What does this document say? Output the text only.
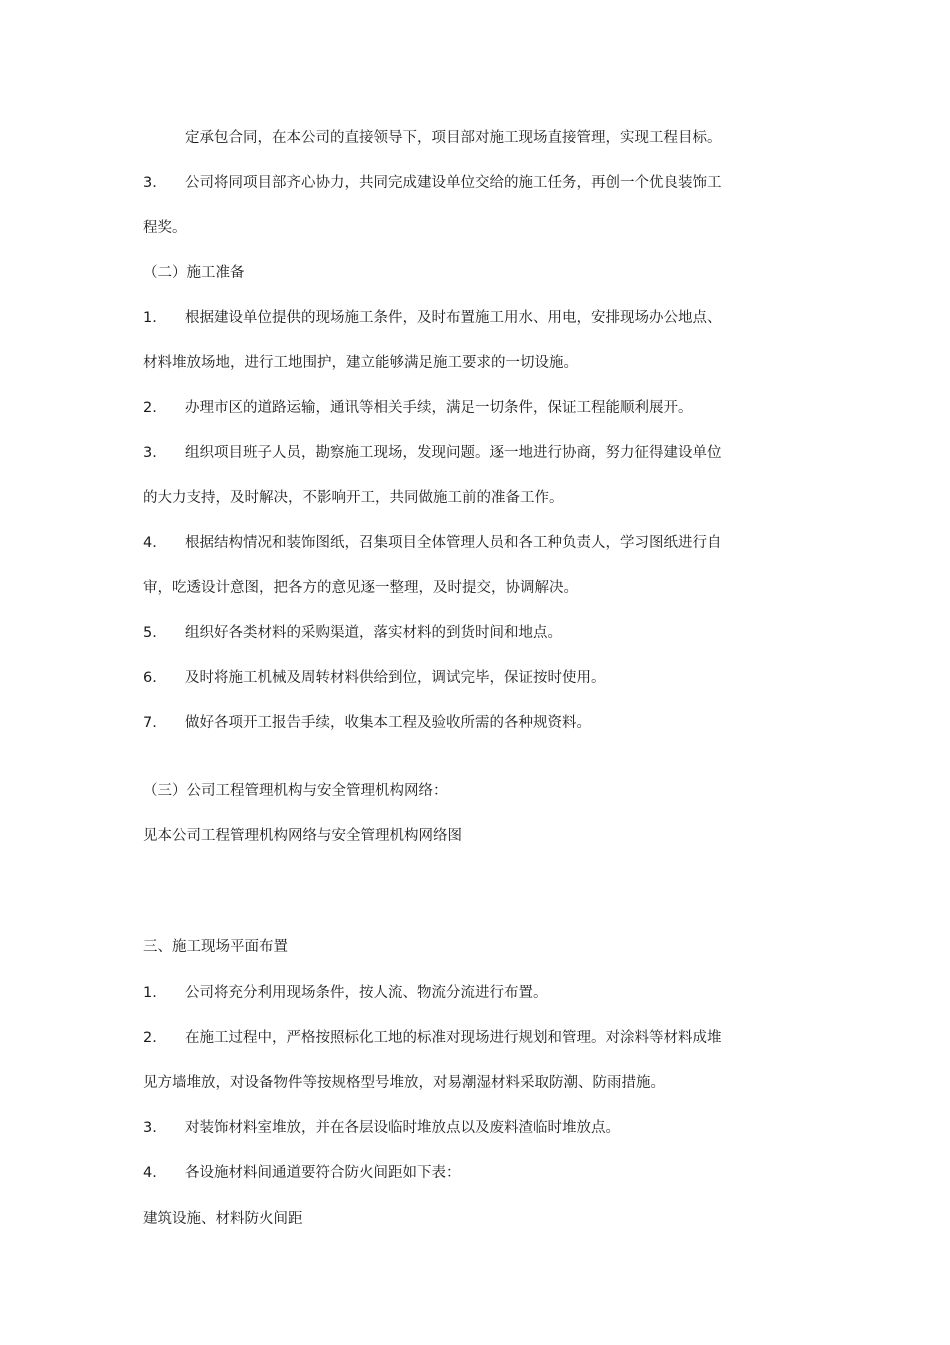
定承包合同，在本公司的直接领导下，项目部对施工现场直接管理，实现工程目标。
3. 公司将同项目部齐心协力，共同完成建设单位交给的施工任务，再创一个优良装饰工
程奖。
（二）施工准备
1. 根据建设单位提供的现场施工条件，及时布置施工用水、用电，安排现场办公地点、
材料堆放场地，进行工地围护，建立能够满足施工要求的一切设施。
2. 办理市区的道路运输，通讯等相关手续，满足一切条件，保证工程能顺利展开。
3. 组织项目班子人员，勘察施工现场，发现问题。逐一地进行协商，努力征得建设单位
的大力支持，及时解决，不影响开工，共同做施工前的准备工作。
4. 根据结构情况和装饰图纸，召集项目全体管理人员和各工种负责人，学习图纸进行自
审，吃透设计意图，把各方的意见逐一整理，及时提交，协调解决。
5. 组织好各类材料的采购渠道，落实材料的到货时间和地点。
6. 及时将施工机械及周转材料供给到位，调试完毕，保证按时使用。
7. 做好各项开工报告手续，收集本工程及验收所需的各种规资料。
（三）公司工程管理机构与安全管理机构网络：
见本公司工程管理机构网络与安全管理机构网络图
三、施工现场平面布置
1. 公司将充分利用现场条件，按人流、物流分流进行布置。
2. 在施工过程中，严格按照标化工地的标准对现场进行规划和管理。对涂料等材料成堆
见方墙堆放，对设备物件等按规格型号堆放，对易潮湿材料采取防潮、防雨措施。
3. 对装饰材料室堆放，并在各层设临时堆放点以及废料渣临时堆放点。
4. 各设施材料间通道要符合防火间距如下表：
建筑设施、材料防火间距
